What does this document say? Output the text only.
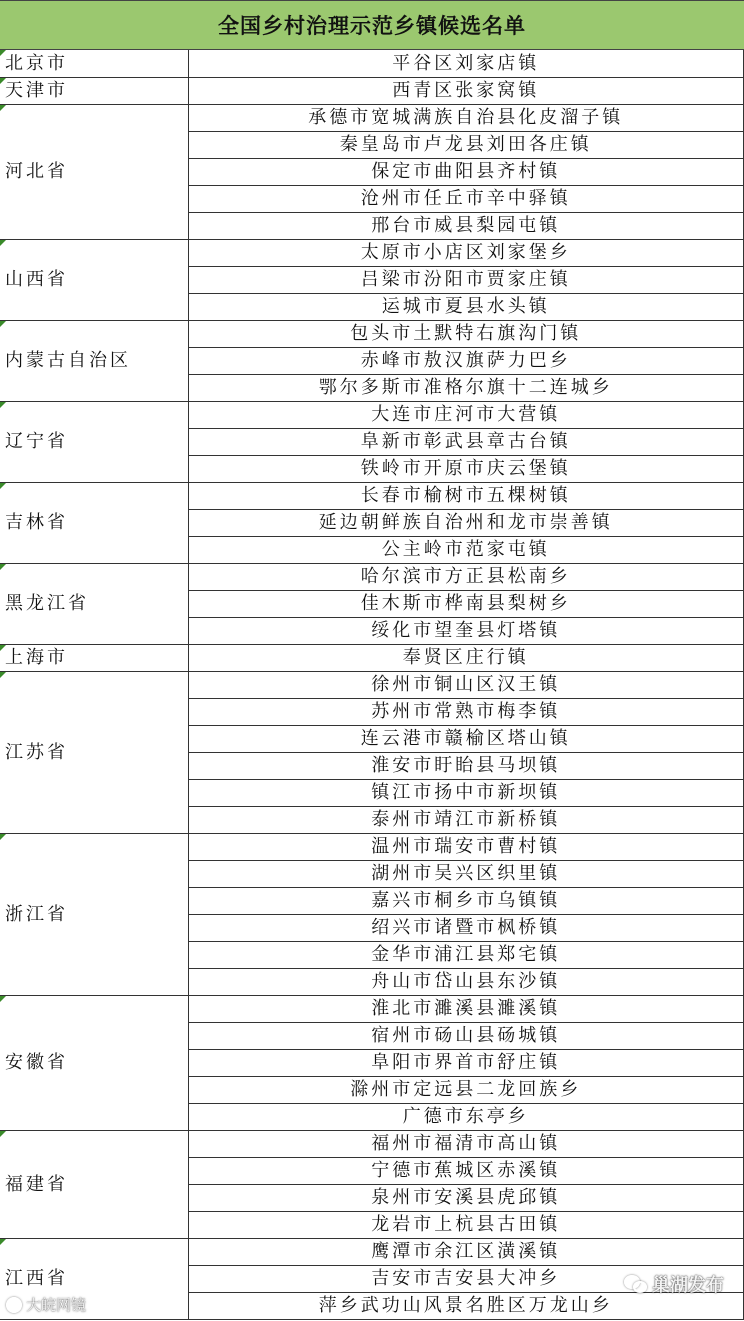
全国乡村治理示范乡镇候选名单
北京市	平谷区刘家店镇
天津市	西青区张家窝镇
河北省	承德市宽城满族自治县化皮溜子镇
	秦皇岛市卢龙县刘田各庄镇
	保定市曲阳县齐村镇
	沧州市任丘市辛中驿镇
	邢台市威县梨园屯镇
山西省	太原市小店区刘家堡乡
	吕梁市汾阳市贾家庄镇
	运城市夏县水头镇
内蒙古自治区	包头市土默特右旗沟门镇
	赤峰市敖汉旗萨力巴乡
	鄂尔多斯市准格尔旗十二连城乡
辽宁省	大连市庄河市大营镇
	阜新市彰武县章古台镇
	铁岭市开原市庆云堡镇
吉林省	长春市榆树市五棵树镇
	延边朝鲜族自治州和龙市崇善镇
	公主岭市范家屯镇
黑龙江省	哈尔滨市方正县松南乡
	佳木斯市桦南县梨树乡
	绥化市望奎县灯塔镇
上海市	奉贤区庄行镇
江苏省	徐州市铜山区汉王镇
	苏州市常熟市梅李镇
	连云港市赣榆区塔山镇
	淮安市盱眙县马坝镇
	镇江市扬中市新坝镇
	泰州市靖江市新桥镇
浙江省	温州市瑞安市曹村镇
	湖州市吴兴区织里镇
	嘉兴市桐乡市乌镇镇
	绍兴市诸暨市枫桥镇
	金华市浦江县郑宅镇
	舟山市岱山县东沙镇
安徽省	淮北市濉溪县濉溪镇
	宿州市砀山县砀城镇
	阜阳市界首市舒庄镇
	滁州市定远县二龙回族乡
	广德市东亭乡
福建省	福州市福清市高山镇
	宁德市蕉城区赤溪镇
	泉州市安溪县虎邱镇
	龙岩市上杭县古田镇
江西省	鹰潭市余江区潢溪镇
	吉安市吉安县大冲乡
	萍乡武功山风景名胜区万龙山乡
大皖网镜
巢湖发布
